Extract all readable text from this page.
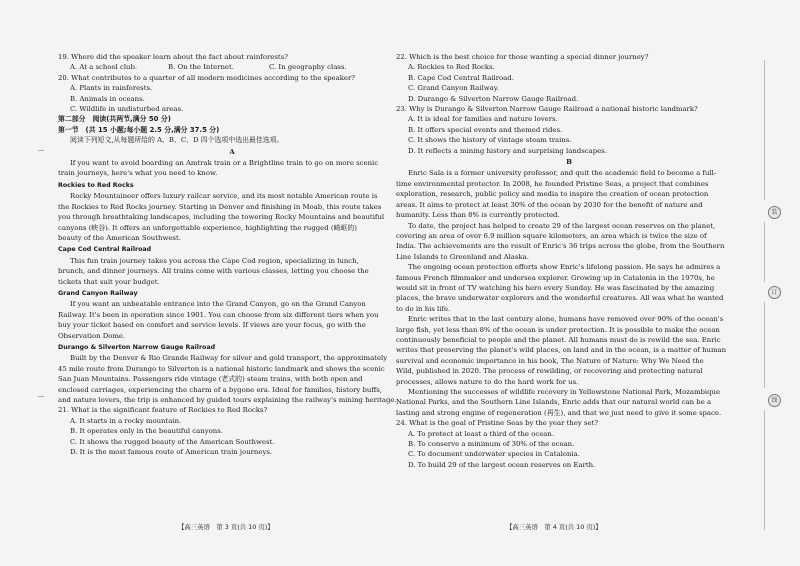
19. Where did the speaker learn about the fact about rainforests?
A. At a school club.	B. On the Internet.	C. In geography class.
20. What contributes to a quarter of all modern medicines according to the speaker?
A. Plants in rainforests.
B. Animals in oceans.
C. Wildlife in undisturbed areas.
第二部分　阅读(共两节,满分 50 分)
第一节　(共 15 小题;每小题 2.5 分,满分 37.5 分)
阅读下列短文,从每题所给的 A、B、C、D 四个选项中选出最佳选项。
A
If you want to avoid boarding an Amtrak train or a Brightline train to go on more scenic
train journeys, here's what you need to know.
Rockies to Red Rocks
Rocky Mountaineer offers luxury railcar service, and its most notable American route is
the Rockies to Red Rocks journey. Starting in Denver and finishing in Moab, this route takes
you through breathtaking landscapes, including the towering Rocky Mountains and beautiful
canyons (峡谷). It offers an unforgettable experience, highlighting the rugged (崎岖的)
beauty of the American Southwest.
Cape Cod Central Railroad
This fun train journey takes you across the Cape Cod region, specializing in lunch,
brunch, and dinner journeys. All trains come with various classes, letting you choose the
tickets that suit your budget.
Grand Canyon Railway
If you want an unbeatable entrance into the Grand Canyon, go on the Grand Canyon
Railway. It's been in operation since 1901. You can choose from six different tiers when you
buy your ticket based on comfort and service levels. If views are your focus, go with the
Observation Dome.
Durango & Silverton Narrow Gauge Railroad
Built by the Denver & Rio Grande Railway for silver and gold transport, the approximately
45 mile route from Durango to Silverton is a national historic landmark and shows the scenic
San Juan Mountains. Passengers ride vintage (老式的) steam trains, with both open and
enclosed carriages, experiencing the charm of a bygone era. Ideal for families, history buffs,
and nature lovers, the trip is enhanced by guided tours explaining the railway's mining heritage.
21. What is the significant feature of Rockies to Red Rocks?
A. It starts in a rocky mountain.
B. It operates only in the beautiful canyons.
C. It shows the rugged beauty of the American Southwest.
D. It is the most famous route of American train journeys.
22. Which is the best choice for those wanting a special dinner journey?
A. Rockies to Red Rocks.
B. Cape Cod Central Railroad.
C. Grand Canyon Railway.
D. Durango & Silverton Narrow Gauge Railroad.
23. Why is Durango & Silverton Narrow Gauge Railroad a national historic landmark?
A. It is ideal for families and nature lovers.
B. It offers special events and themed rides.
C. It shows the history of vintage steam trains.
D. It reflects a mining history and surprising landscapes.
B
Enric Sala is a former university professor, and quit the academic field to become a full-
time environmental protector. In 2008, he founded Pristine Seas, a project that combines
exploration, research, public policy and media to inspire the creation of ocean protection
areas. It aims to protect at least 30% of the ocean by 2030 for the benefit of nature and
humanity. Less than 8% is currently protected.
To date, the project has helped to create 29 of the largest ocean reserves on the planet,
covering an area of over 6.9 million square kilometers, an area which is twice the size of
India. The achievements are the result of Enric's 36 trips across the globe, from the Southern
Line Islands to Greenland and Alaska.
The ongoing ocean protection efforts show Enric's lifelong passion. He says he admires a
famous French filmmaker and undersea explorer. Growing up in Catalonia in the 1970s, he
would sit in front of TV watching his hero every Sunday. He was fascinated by the amazing
places, the brave underwater explorers and the wonderful creatures. All was what he wanted
to do in his life.
Enric writes that in the last century alone, humans have removed over 90% of the ocean's
large fish, yet less than 8% of the ocean is under protection. It is possible to make the ocean
continuously beneficial to people and the planet. All humans must do is rewild the sea. Enric
writes that preserving the planet's wild places, on land and in the ocean, is a matter of human
survival and economic importance in his book, The Nature of Nature: Why We Need the
Wild, published in 2020. The process of rewilding, or recovering and protecting natural
processes, allows nature to do the hard work for us.
Mentioning the successes of wildlife recovery in Yellowstone National Park, Mozambique
National Parks, and the Southern Line Islands, Enric adds that our natural world can be a
lasting and strong engine of regeneration (再生), and that we just need to give it some space.
24. What is the goal of Pristine Seas by the year they set?
A. To protect at least a third of the ocean.
B. To conserve a minimum of 30% of the ocean.
C. To document underwater species in Catalonia.
D. To build 29 of the largest ocean reserves on Earth.
【高三英语　第 3 页(共 10 页)】	【高三英语　第 4 页(共 10 页)】
装
订
线
